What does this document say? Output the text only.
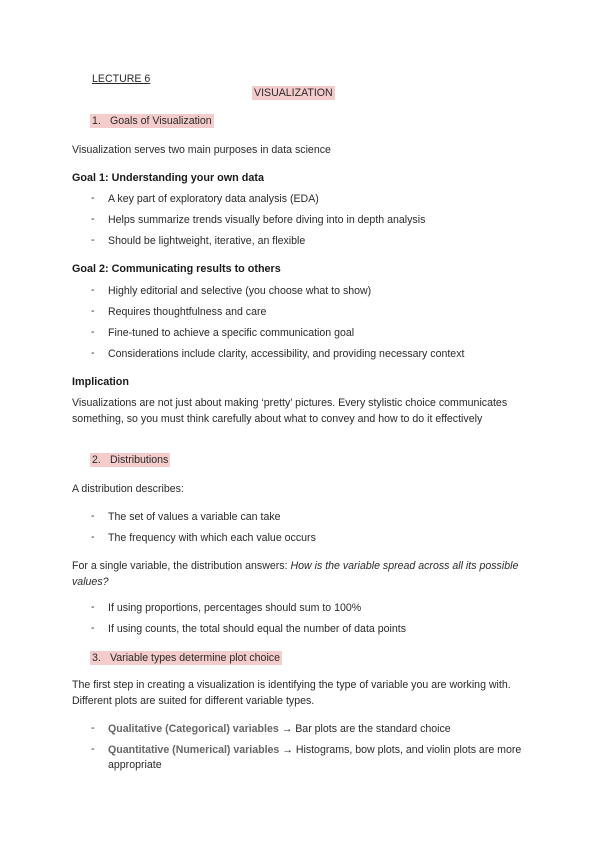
LECTURE 6
VISUALIZATION
1. Goals of Visualization
Visualization serves two main purposes in data science
Goal 1: Understanding your own data
- A key part of exploratory data analysis (EDA)
- Helps summarize trends visually before diving into in depth analysis
- Should be lightweight, iterative, an flexible
Goal 2: Communicating results to others
- Highly editorial and selective (you choose what to show)
- Requires thoughtfulness and care
- Fine-tuned to achieve a specific communication goal
- Considerations include clarity, accessibility, and providing necessary context
Implication
Visualizations are not just about making ‘pretty’ pictures. Every stylistic choice communicates something, so you must think carefully about what to convey and how to do it effectively
2. Distributions
A distribution describes:
- The set of values a variable can take
- The frequency with which each value occurs
For a single variable, the distribution answers: How is the variable spread across all its possible values?
- If using proportions, percentages should sum to 100%
- If using counts, the total should equal the number of data points
3. Variable types determine plot choice
The first step in creating a visualization is identifying the type of variable you are working with. Different plots are suited for different variable types.
- Qualitative (Categorical) variables → Bar plots are the standard choice
- Quantitative (Numerical) variables → Histograms, bow plots, and violin plots are more appropriate
